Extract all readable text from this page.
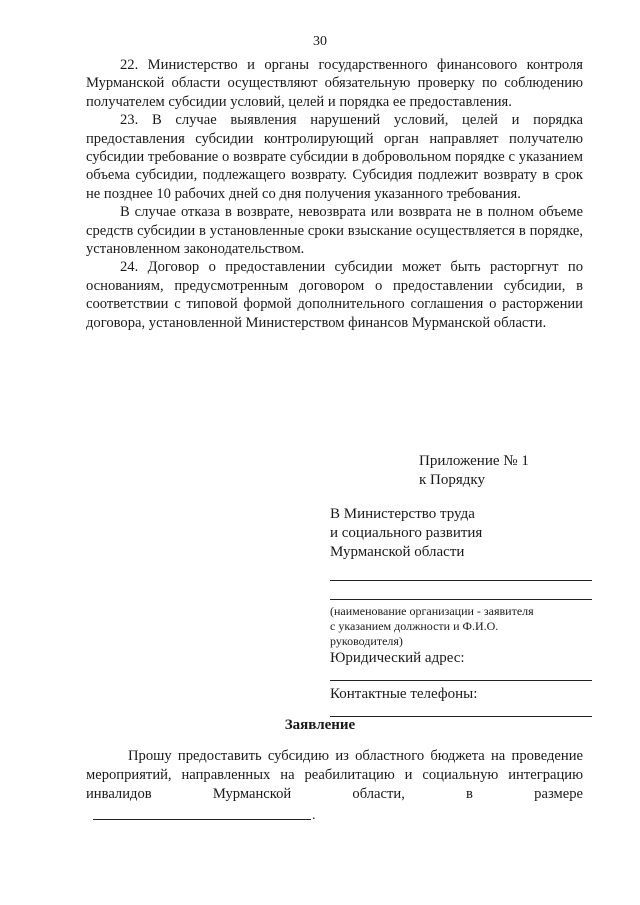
30

22. Министерство и органы государственного финансового контроля Мурманской области осуществляют обязательную проверку по соблюдению получателем субсидии условий, целей и порядка ее предоставления.

23. В случае выявления нарушений условий, целей и порядка предоставления субсидии контролирующий орган направляет получателю субсидии требование о возврате субсидии в добровольном порядке с указанием объема субсидии, подлежащего возврату. Субсидия подлежит возврату в срок не позднее 10 рабочих дней со дня получения указанного требования.

В случае отказа в возврате, невозврата или возврата не в полном объеме средств субсидии в установленные сроки взыскание осуществляется в порядке, установленном законодательством.

24. Договор о предоставлении субсидии может быть расторгнут по основаниям, предусмотренным договором о предоставлении субсидии, в соответствии с типовой формой дополнительного соглашения о расторжении договора, установленной Министерством финансов Мурманской области.

Приложение № 1
к Порядку
В Министерство труда
и социального развития
Мурманской области
(наименование организации - заявителя
с указанием должности и Ф.И.О.
руководителя)
Юридический адрес:
Контактные телефоны:
Заявление

Прошу предоставить субсидию из областного бюджета на проведение мероприятий, направленных на реабилитацию и социальную интеграцию инвалидов Мурманской области, в размере

.
